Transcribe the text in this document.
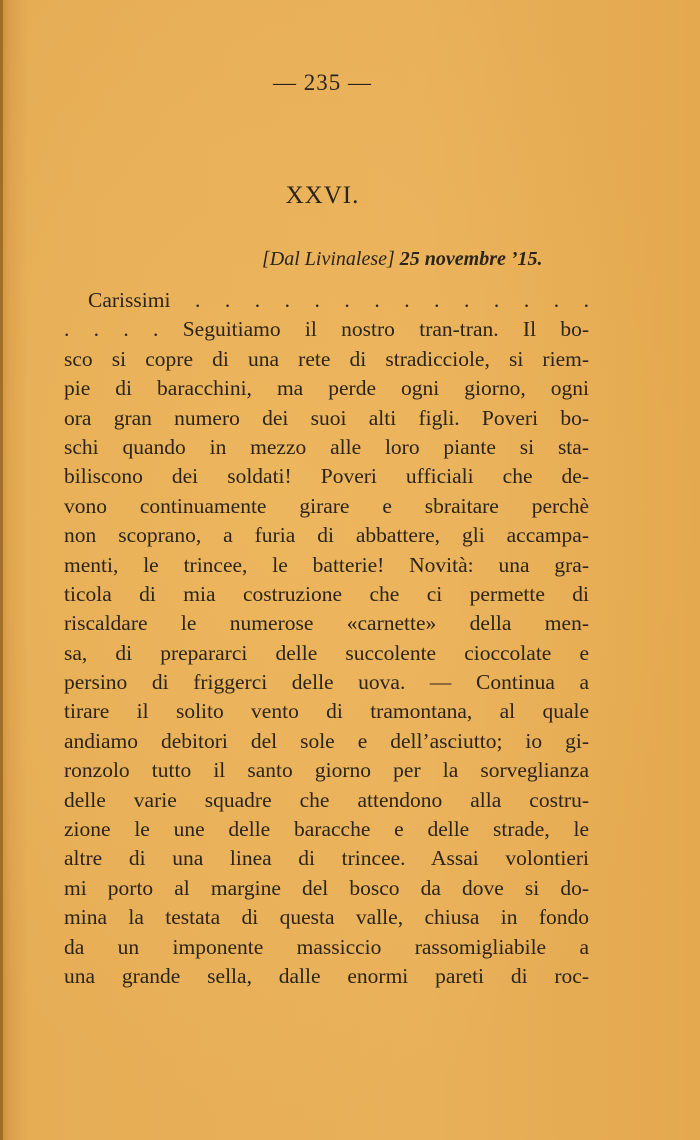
— 235 —
XXVI.
[Dal Livinalese] 25 novembre ’15.
Carissimi . . . . . . . . . . . . . .
. . . . Seguitiamo il nostro tran-tran. Il bo-
sco si copre di una rete di stradicciole, si riem-
pie di baracchini, ma perde ogni giorno, ogni
ora gran numero dei suoi alti figli. Poveri bo-
schi quando in mezzo alle loro piante si sta-
biliscono dei soldati! Poveri ufficiali che de-
vono continuamente girare e sbraitare perchè
non scoprano, a furia di abbattere, gli accampa-
menti, le trincee, le batterie! Novità: una gra-
ticola di mia costruzione che ci permette di
riscaldare le numerose «carnette» della men-
sa, di prepararci delle succolente cioccolate e
persino di friggerci delle uova. — Continua a
tirare il solito vento di tramontana, al quale
andiamo debitori del sole e dell’asciutto; io gi-
ronzolo tutto il santo giorno per la sorveglianza
delle varie squadre che attendono alla costru-
zione le une delle baracche e delle strade, le
altre di una linea di trincee. Assai volontieri
mi porto al margine del bosco da dove si do-
mina la testata di questa valle, chiusa in fondo
da un imponente massiccio rassomigliabile a
una grande sella, dalle enormi pareti di roc-
